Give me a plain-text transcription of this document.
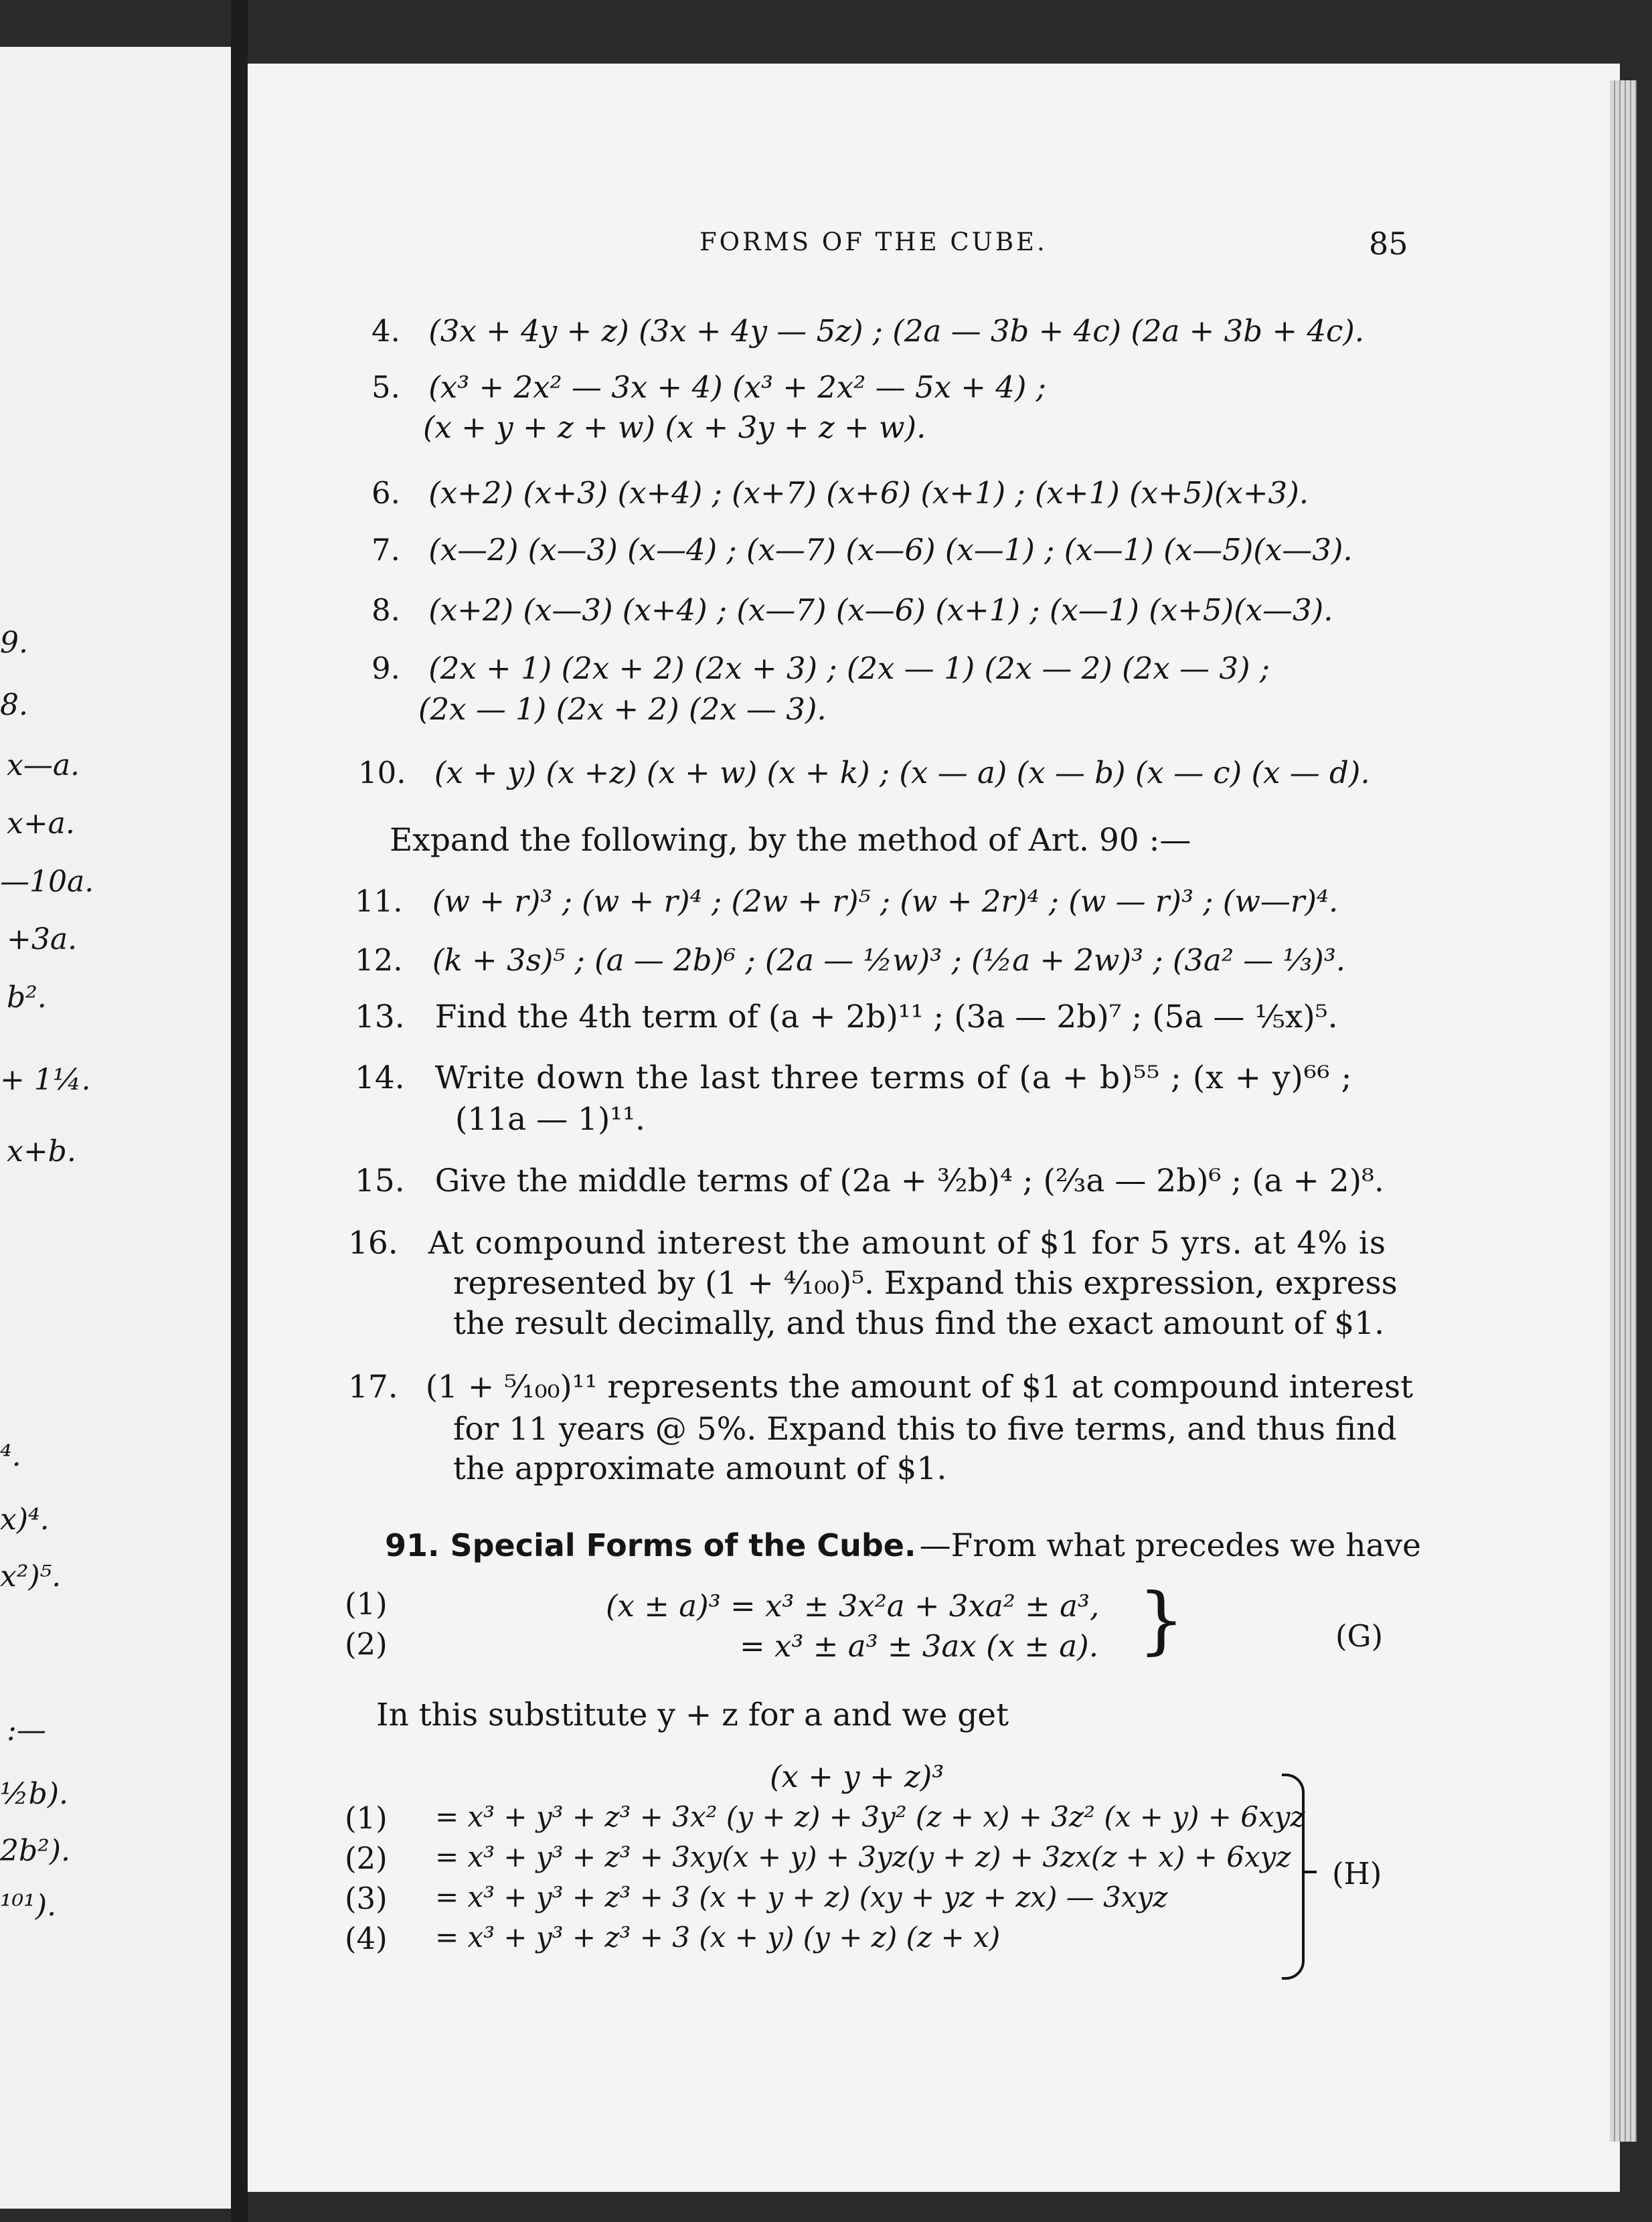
9.
8.
x—a.
x+a.
—10a.
+3a.
b².
+ 1¼.
x+b.
⁴.
x)⁴.
x²)⁵.
:—
½b).
2b²).
¹⁰¹).
FORMS OF THE CUBE.	85
4. (3x + 4y + z) (3x + 4y — 5z) ; (2a — 3b + 4c) (2a + 3b + 4c).
5. (x³ + 2x² — 3x + 4) (x³ + 2x² — 5x + 4) ;
(x + y + z + w) (x + 3y + z + w).
6. (x+2) (x+3) (x+4) ; (x+7) (x+6) (x+1) ; (x+1) (x+5)(x+3).
7. (x—2) (x—3) (x—4) ; (x—7) (x—6) (x—1) ; (x—1) (x—5)(x—3).
8. (x+2) (x—3) (x+4) ; (x—7) (x—6) (x+1) ; (x—1) (x+5)(x—3).
9. (2x + 1) (2x + 2) (2x + 3) ; (2x — 1) (2x — 2) (2x — 3) ;
(2x — 1) (2x + 2) (2x — 3).
10. (x + y) (x +z) (x + w) (x + k) ; (x — a) (x — b) (x — c) (x — d).
Expand the following, by the method of Art. 90 :—
11. (w + r)³ ; (w + r)⁴ ; (2w + r)⁵ ; (w + 2r)⁴ ; (w — r)³ ; (w—r)⁴.
12. (k + 3s)⁵ ; (a — 2b)⁶ ; (2a — ½w)³ ; (½a + 2w)³ ; (3a² — ⅓)³.
13. Find the 4th term of (a + 2b)¹¹ ; (3a — 2b)⁷ ; (5a — ⅕x)⁵.
14. Write down the last three terms of (a + b)⁵⁵ ; (x + y)⁶⁶ ;
(11a — 1)¹¹.
15. Give the middle terms of (2a + ³⁄₂b)⁴ ; (⅔a — 2b)⁶ ; (a + 2)⁸.
16. At compound interest the amount of $1 for 5 yrs. at 4% is
represented by (1 + ⁴⁄₁₀₀)⁵. Expand this expression, express
the result decimally, and thus find the exact amount of $1.
17. (1 + ⁵⁄₁₀₀)¹¹ represents the amount of $1 at compound interest
for 11 years @ 5%. Expand this to five terms, and thus find
the approximate amount of $1.
91. Special Forms of the Cube. —From what precedes we have
(1)	(x ± a)³ = x³ ± 3x²a + 3xa² ± a³,
(2)	= x³ ± a³ ± 3ax (x ± a). }	(G)
In this substitute y + z for a and we get
(x + y + z)³
(1) = x³ + y³ + z³ + 3x² (y + z) + 3y² (z + x) + 3z² (x + y) + 6xyz
(2) = x³ + y³ + z³ + 3xy(x + y) + 3yz(y + z) + 3zx(z + x) + 6xyz
(3) = x³ + y³ + z³ + 3 (x + y + z) (xy + yz + zx) — 3xyz
(4) = x³ + y³ + z³ + 3 (x + y) (y + z) (z + x)
(H)
